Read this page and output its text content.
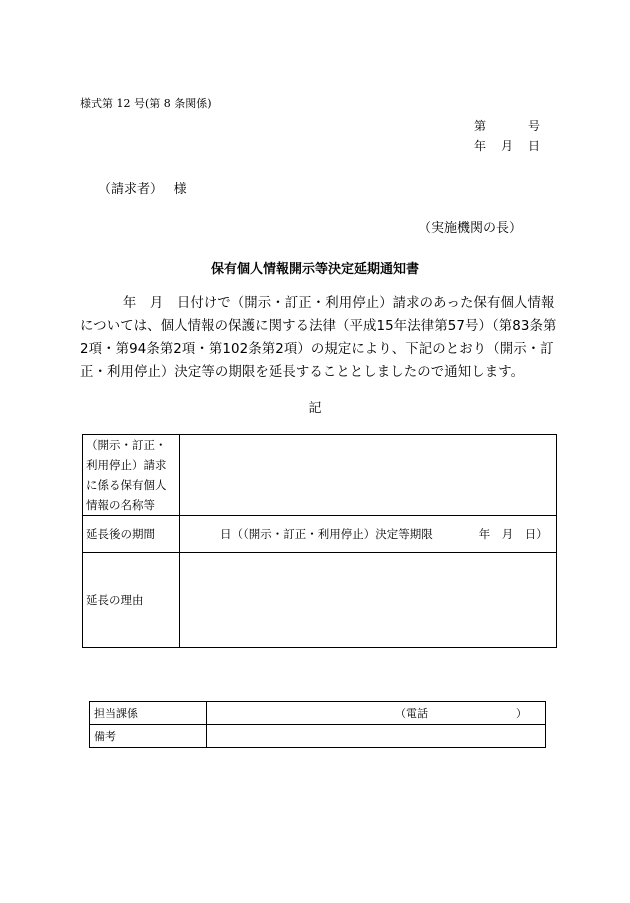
様式第 12 号(第 8 条関係)
第	号
年 月 日
（請求者）　 様
（実施機関の長）
保有個人情報開示等決定延期通知書
年　月　日付けで（開示・訂正・利用停止）請求のあった保有個人情報については、個人情報の保護に関する法律（平成15年法律第57号）（第83条第2項・第94条第2項・第102条第2項）の規定により、下記のとおり（開示・訂正・利用停止）決定等の期限を延長することとしましたので通知します。
記
（開示・訂正・利用停止）請求に係る保有個人情報の名称等	
延長後の期間	日（（開示・訂正・利用停止）決定等期限　　　　年　月　日）
延長の理由	
担当課係	（電話　　　　　　　　）
備考	
